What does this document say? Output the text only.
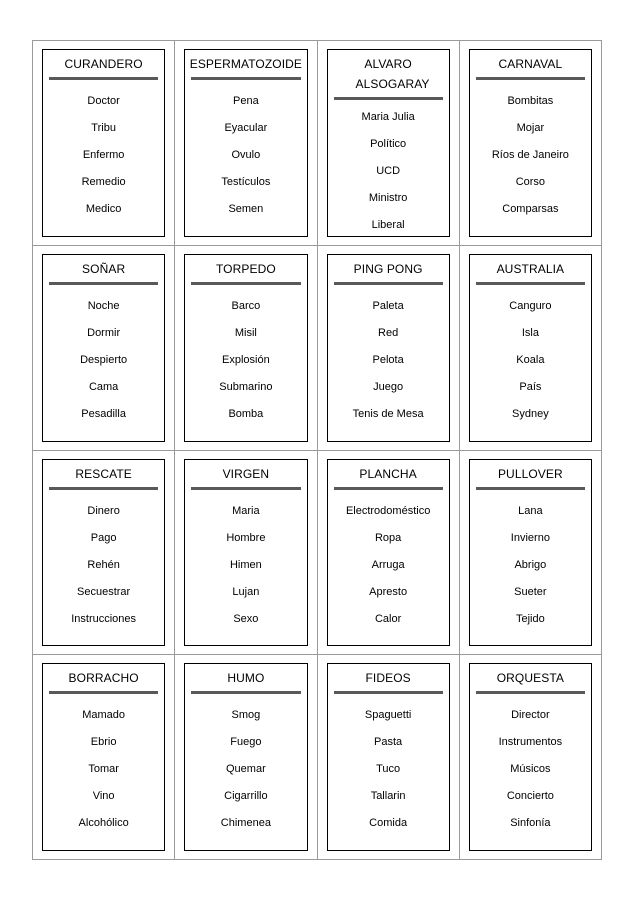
CURANDERO
Doctor
Tribu
Enfermo
Remedio
Medico
ESPERMATOZOIDE
Pena
Eyacular
Ovulo
Testículos
Semen
ALVARO ALSOGARAY
Maria Julia
Político
UCD
Ministro
Liberal
CARNAVAL
Bombitas
Mojar
Ríos de Janeiro
Corso
Comparsas
SOÑAR
Noche
Dormir
Despierto
Cama
Pesadilla
TORPEDO
Barco
Misil
Explosión
Submarino
Bomba
PING PONG
Paleta
Red
Pelota
Juego
Tenis de Mesa
AUSTRALIA
Canguro
Isla
Koala
País
Sydney
RESCATE
Dinero
Pago
Rehén
Secuestrar
Instrucciones
VIRGEN
Maria
Hombre
Himen
Lujan
Sexo
PLANCHA
Electrodoméstico
Ropa
Arruga
Apresto
Calor
PULLOVER
Lana
Invierno
Abrigo
Sueter
Tejido
BORRACHO
Mamado
Ebrio
Tomar
Vino
Alcohólico
HUMO
Smog
Fuego
Quemar
Cigarrillo
Chimenea
FIDEOS
Spaguetti
Pasta
Tuco
Tallarin
Comida
ORQUESTA
Director
Instrumentos
Músicos
Concierto
Sinfonía
